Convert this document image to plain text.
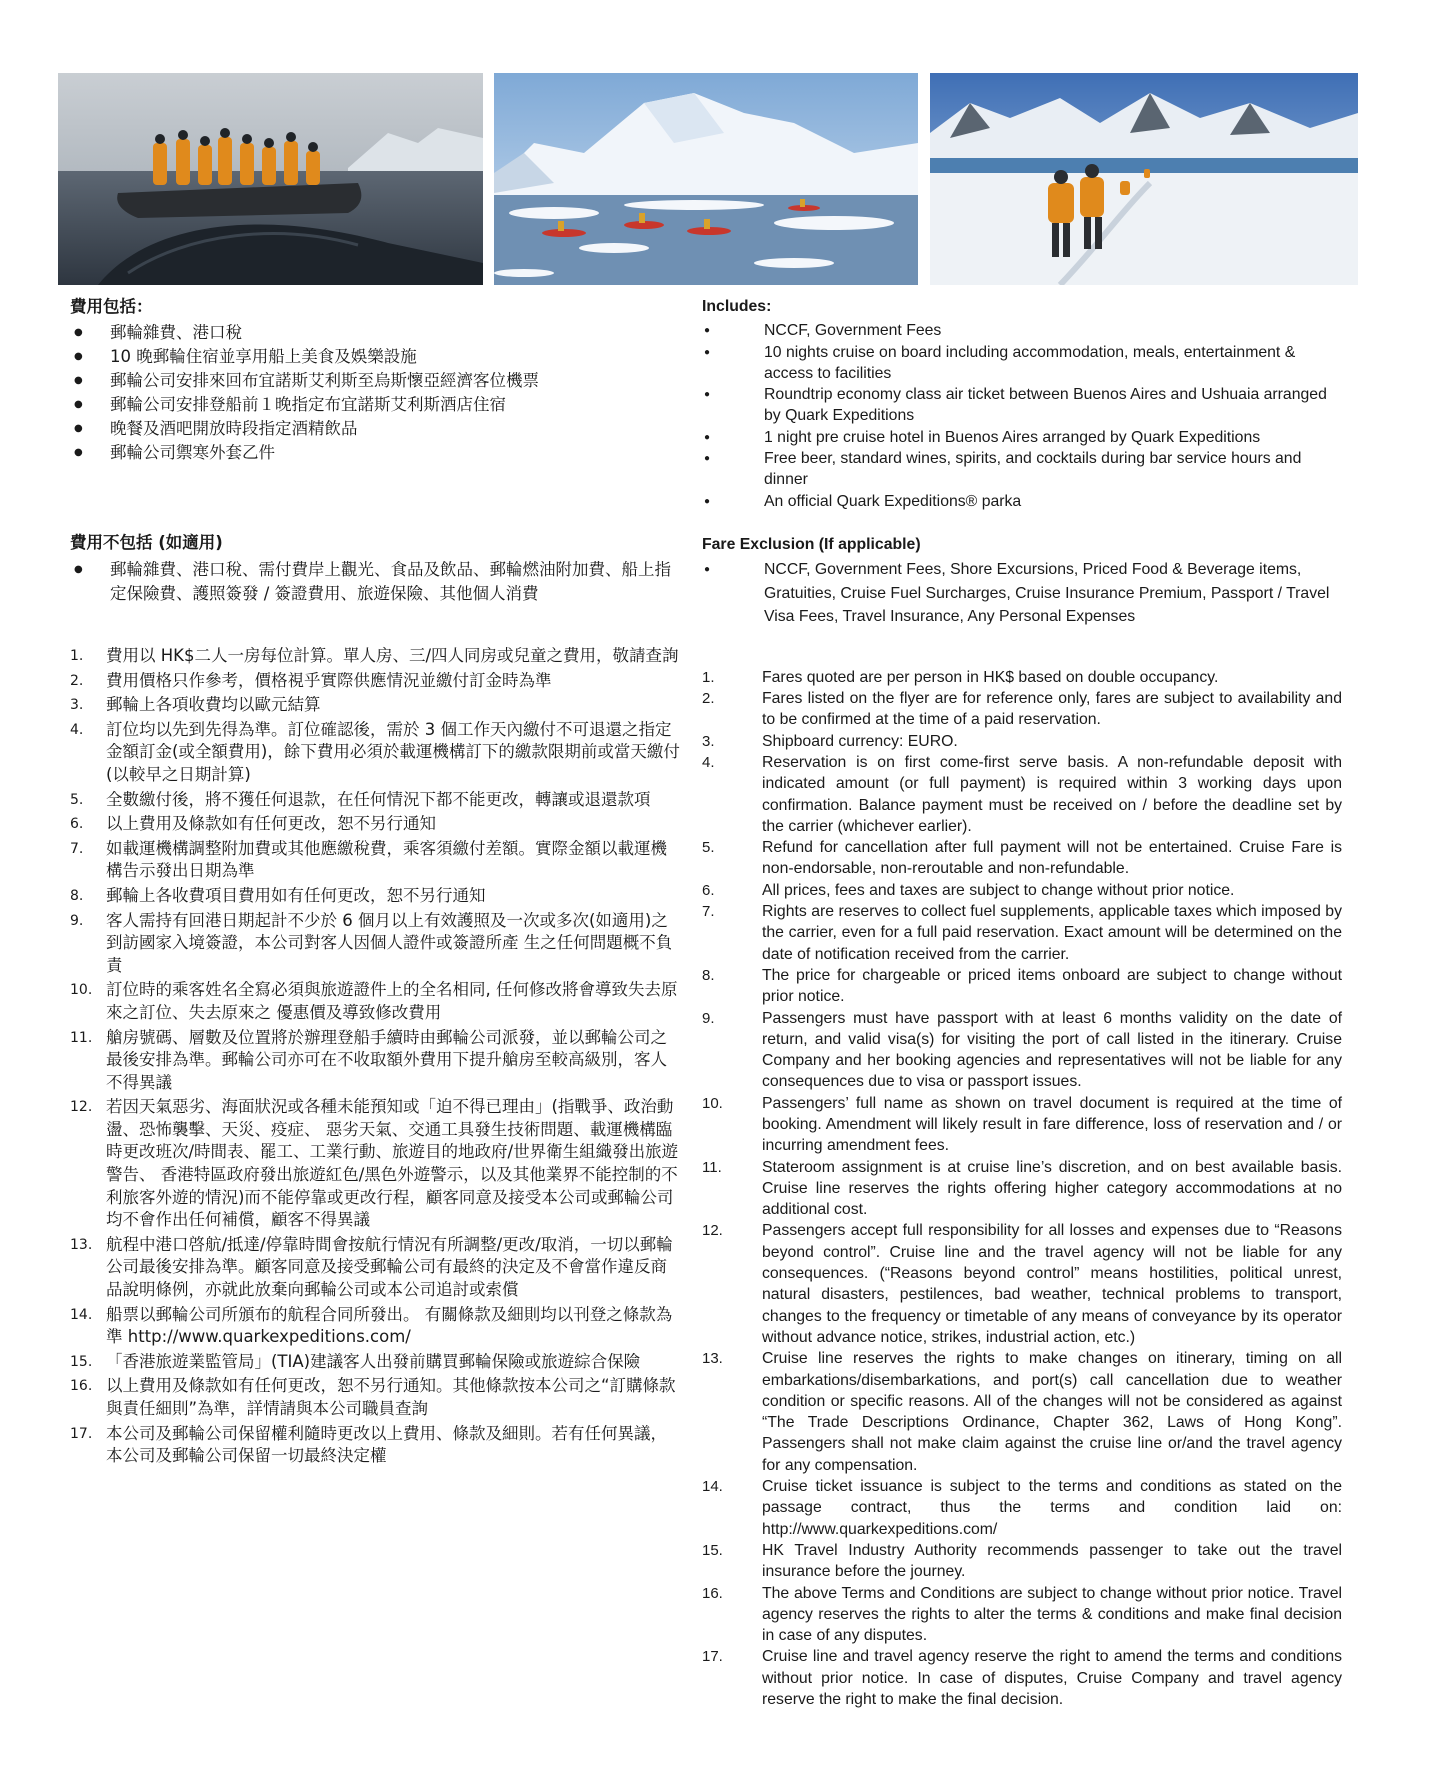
費用包括：
● 郵輪雜費、港口稅
● 10 晚郵輪住宿並享用船上美食及娛樂設施
● 郵輪公司安排來回布宜諾斯艾利斯至烏斯懷亞經濟客位機票
● 郵輪公司安排登船前１晚指定布宜諾斯艾利斯酒店住宿
● 晚餐及酒吧開放時段指定酒精飲品
● 郵輪公司禦寒外套乙件
費用不包括 (如適用)
● 郵輪雜費、港口稅、需付費岸上觀光、食品及飲品、郵輪燃油附加費、船上指定保險費、護照簽發 / 簽證費用、旅遊保險、其他個人消費
1. 費用以 HK$二人一房每位計算。單人房、三/四人同房或兒童之費用，敬請查詢
2. 費用價格只作參考，價格視乎實際供應情況並繳付訂金時為準
3. 郵輪上各項收費均以歐元結算
4. 訂位均以先到先得為準。訂位確認後，需於 3 個工作天內繳付不可退還之指定金額訂金(或全額費用)，餘下費用必須於載運機構訂下的繳款限期前或當天繳付(以較早之日期計算)
5. 全數繳付後，將不獲任何退款，在任何情況下都不能更改，轉讓或退還款項
6. 以上費用及條款如有任何更改，恕不另行通知
7. 如載運機構調整附加費或其他應繳稅費，乘客須繳付差額。實際金額以載運機構告示發出日期為準
8. 郵輪上各收費項目費用如有任何更改，恕不另行通知
9. 客人需持有回港日期起計不少於 6 個月以上有效護照及一次或多次(如適用)之到訪國家入境簽證，本公司對客人因個人證件或簽證所產 生之任何問題概不負責
10. 訂位時的乘客姓名全寫必須與旅遊證件上的全名相同, 任何修改將會導致失去原來之訂位、失去原來之 優惠價及導致修改費用
11. 艙房號碼、層數及位置將於辦理登船手續時由郵輪公司派發，並以郵輪公司之最後安排為準。郵輪公司亦可在不收取額外費用下提升艙房至較高級別，客人不得異議
12. 若因天氣惡劣、海面狀況或各種未能預知或「迫不得已理由」(指戰爭、政治動盪、恐怖襲擊、天災、疫症、 惡劣天氣、交通工具發生技術問題、載運機構臨時更改班次/時間表、罷工、工業行動、旅遊目的地政府/世界衛生組織發出旅遊警告、 香港特區政府發出旅遊紅色/黑色外遊警示，以及其他業界不能控制的不利旅客外遊的情況)而不能停靠或更改行程，顧客同意及接受本公司或郵輪公司均不會作出任何補償，顧客不得異議
13. 航程中港口啓航/抵達/停靠時間會按航行情況有所調整/更改/取消，一切以郵輪公司最後安排為準。顧客同意及接受郵輪公司有最終的決定及不會當作違反商品說明條例，亦就此放棄向郵輪公司或本公司追討或索償
14. 船票以郵輪公司所頒布的航程合同所發出。 有關條款及細則均以刊登之條款為準 http://www.quarkexpeditions.com/
15. 「香港旅遊業監管局」(TIA)建議客人出發前購買郵輪保險或旅遊綜合保險
16. 以上費用及條款如有任何更改，恕不另行通知。其他條款按本公司之“訂購條款與責任細則”為準，詳情請與本公司職員查詢
17. 本公司及郵輪公司保留權利隨時更改以上費用、條款及細則。若有任何異議，本公司及郵輪公司保留一切最終決定權
Includes:
● NCCF, Government Fees
● 10 nights cruise on board including accommodation, meals, entertainment & access to facilities
● Roundtrip economy class air ticket between Buenos Aires and Ushuaia arranged by Quark Expeditions
● 1 night pre cruise hotel in Buenos Aires arranged by Quark Expeditions
● Free beer, standard wines, spirits, and cocktails during bar service hours and dinner
● An official Quark Expeditions® parka
Fare Exclusion (If applicable)
● NCCF, Government Fees, Shore Excursions, Priced Food & Beverage items, Gratuities, Cruise Fuel Surcharges, Cruise Insurance Premium, Passport / Travel Visa Fees, Travel Insurance, Any Personal Expenses
1.	Fares quoted are per person in HK$ based on double occupancy.
2.	Fares listed on the flyer are for reference only, fares are subject to availability and to be confirmed at the time of a paid reservation.
3.	Shipboard currency: EURO.
4.	Reservation is on first come-first serve basis. A non-refundable deposit with indicated amount (or full payment) is required within 3 working days upon confirmation. Balance payment must be received on / before the deadline set by the carrier (whichever earlier).
5.	Refund for cancellation after full payment will not be entertained. Cruise Fare is non-endorsable, non-reroutable and non-refundable.
6.	All prices, fees and taxes are subject to change without prior notice.
7.	Rights are reserves to collect fuel supplements, applicable taxes which imposed by the carrier, even for a full paid reservation. Exact amount will be determined on the date of notification received from the carrier.
8.	The price for chargeable or priced items onboard are subject to change without prior notice.
9.	Passengers must have passport with at least 6 months validity on the date of return, and valid visa(s) for visiting the port of call listed in the itinerary. Cruise Company and her booking agencies and representatives will not be liable for any consequences due to visa or passport issues.
10. Passengers’ full name as shown on travel document is required at the time of booking. Amendment will likely result in fare difference, loss of reservation and / or incurring amendment fees.
11.	Stateroom assignment is at cruise line’s discretion, and on best available basis. Cruise line reserves the rights offering higher category accommodations at no additional cost.
12. Passengers accept full responsibility for all losses and expenses due to “Reasons beyond control”. Cruise line and the travel agency will not be liable for any consequences. (“Reasons beyond control” means hostilities, political unrest, natural disasters, pestilences, bad weather, technical problems to transport, changes to the frequency or timetable of any means of conveyance by its operator without advance notice, strikes, industrial action, etc.)
13. Cruise line reserves the rights to make changes on itinerary, timing on all embarkations/disembarkations, and port(s) call cancellation due to weather condition or specific reasons. All of the changes will not be considered as against “The Trade Descriptions Ordinance, Chapter 362, Laws of Hong Kong”. Passengers shall not make claim against the cruise line or/and the travel agency for any compensation.
14. Cruise ticket issuance is subject to the terms and conditions as stated on the passage contract, thus the terms and condition laid on: http://www.quarkexpeditions.com/
15. HK Travel Industry Authority recommends passenger to take out the travel insurance before the journey.
16. The above Terms and Conditions are subject to change without prior notice. Travel agency reserves the rights to alter the terms & conditions and make final decision in case of any disputes.
17. Cruise line and travel agency reserve the right to amend the terms and conditions without prior notice. In case of disputes, Cruise Company and travel agency reserve the right to make the final decision.
